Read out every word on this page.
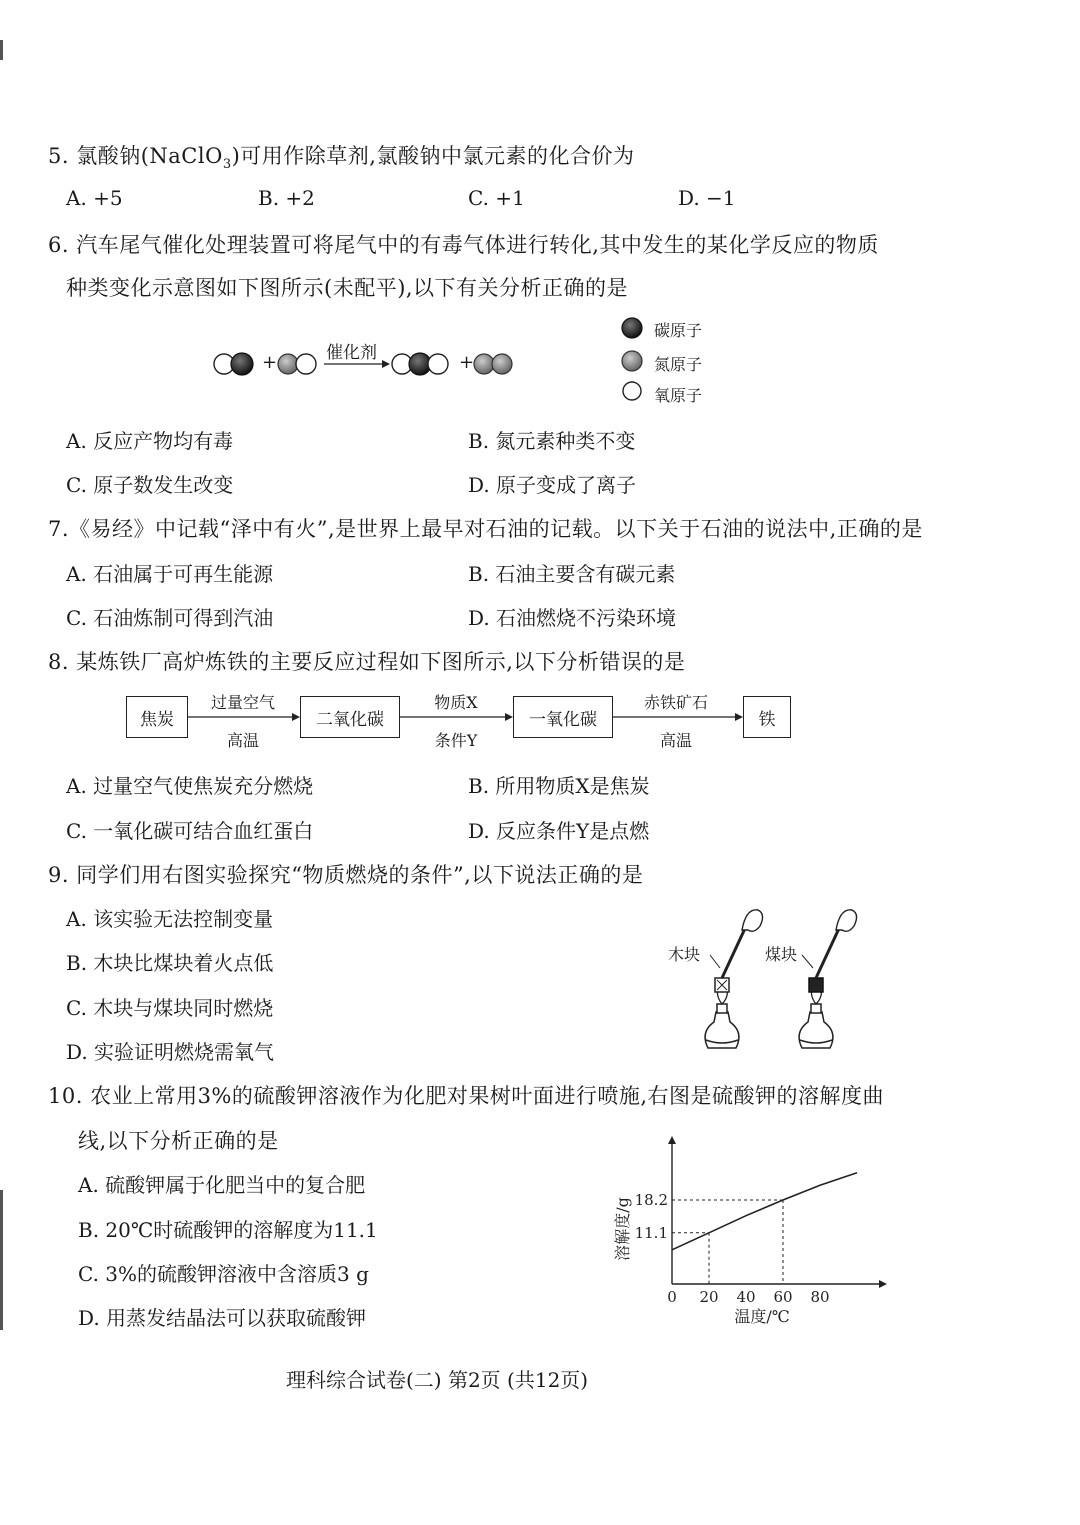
5. 氯酸钠(NaClO$_3$)可用作除草剂,氯酸钠中氯元素的化合价为
A. +5	B. +2	C. +1	D. −1
6. 汽车尾气催化处理装置可将尾气中的有毒气体进行转化,其中发生的某化学反应的物质
种类变化示意图如下图所示(未配平),以下有关分析正确的是
+	+
催化剂
碳原子
氮原子
氧原子
A. 反应产物均有毒	B. 氮元素种类不变
C. 原子数发生改变	D. 原子变成了离子
7.《易经》中记载“泽中有火”,是世界上最早对石油的记载。以下关于石油的说法中,正确的是
A. 石油属于可再生能源	B. 石油主要含有碳元素
C. 石油炼制可得到汽油	D. 石油燃烧不污染环境
8. 某炼铁厂高炉炼铁的主要反应过程如下图所示,以下分析错误的是
焦炭	二氧化碳	一氧化碳	铁
过量空气
高温
物质X
条件Y
赤铁矿石
高温
A. 过量空气使焦炭充分燃烧	B. 所用物质X是焦炭
C. 一氧化碳可结合血红蛋白	D. 反应条件Y是点燃
9. 同学们用右图实验探究“物质燃烧的条件”,以下说法正确的是
A. 该实验无法控制变量
B. 木块比煤块着火点低
C. 木块与煤块同时燃烧
D. 实验证明燃烧需氧气
木块	煤块
10. 农业上常用3%的硫酸钾溶液作为化肥对果树叶面进行喷施,右图是硫酸钾的溶解度曲
线,以下分析正确的是
A. 硫酸钾属于化肥当中的复合肥
B. 20℃时硫酸钾的溶解度为11.1
C. 3%的硫酸钾溶液中含溶质3 g
D. 用蒸发结晶法可以获取硫酸钾
0 20 40 60 80
11.1
18.2
温度/℃
溶解度/g
理科综合试卷(二) 第2页 (共12页)
